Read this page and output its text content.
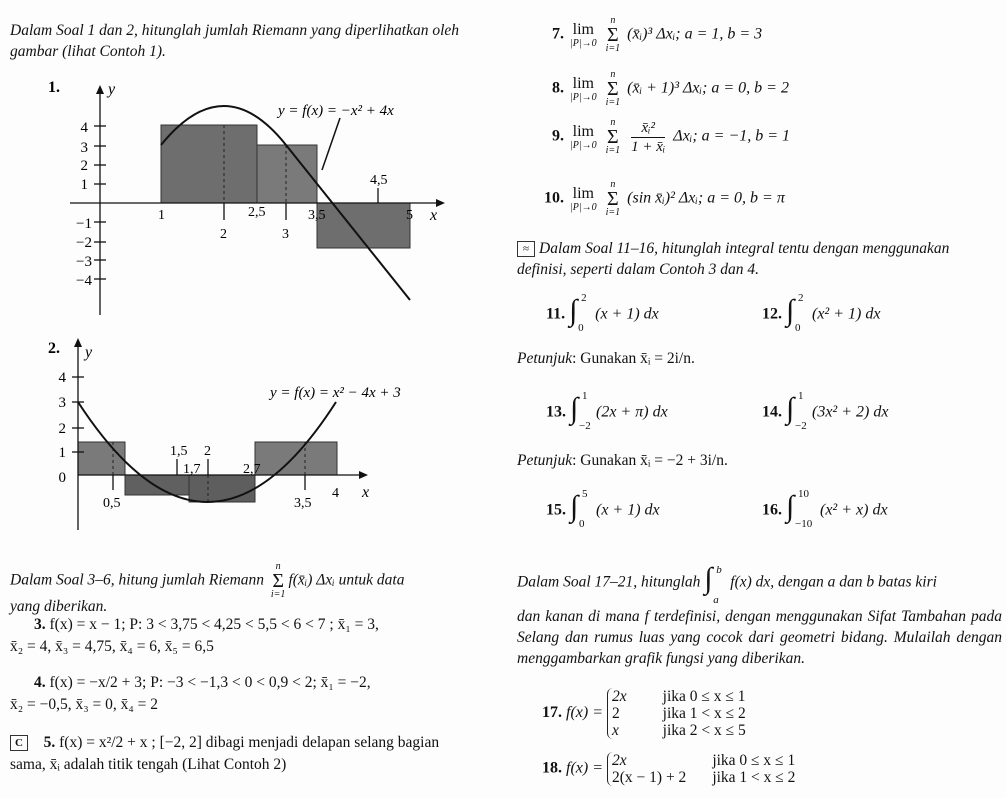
Dalam Soal 1 dan 2, hitunglah jumlah Riemann yang diperlihatkan oleh gambar (lihat Contoh 1).
1.	y
x
y = f(x) = −x² + 4x
4
3
2
1
−1
−2
−3
−4
1
2
2,5
3
3,5
4,5
5
2. y
x
y = f(x) = x² − 4x + 3
4
3
2
1
0
0,5
1,5
1,7
2
2,7
3,5
4
Dalam Soal 3–6, hitung jumlah Riemann
n
Σ
i=1
f(x̄ᵢ) Δxᵢ untuk data
yang diberikan.
3. f(x) = x − 1; P: 3 < 3,75 < 4,25 < 5,5 < 6 < 7 ; x̄₁ = 3,
x̄₂ = 4, x̄₃ = 4,75, x̄₄ = 6, x̄₅ = 6,5
4. f(x) = −x/2 + 3; P: −3 < −1,3 < 0 < 0,9 < 2; x̄₁ = −2,
x̄₂ = −0,5, x̄₃ = 0, x̄₄ = 2
C 5. f(x) = x²/2 + x ; [−2, 2] dibagi menjadi delapan selang bagian
sama, x̄ᵢ adalah titik tengah (Lihat Contoh 2)
7. lim
|P|→0

n
Σ
i=1
(x̄ᵢ)³ Δxᵢ; a = 1, b = 3
8. lim
|P|→0

n
Σ
i=1
(x̄ᵢ + 1)³ Δxᵢ; a = 0, b = 2
9. lim
|P|→0

n
Σ
i=1
$\frac{\text{x̄ᵢ²}}{\text{1 + x̄ᵢ}}$ Δxᵢ; a = −1, b = 1
10. lim
|P|→0

n
Σ
i=1
(sin x̄ᵢ)² Δxᵢ; a = 0, b = π
≈ Dalam Soal 11–16, hitunglah integral tentu dengan menggunakan definisi, seperti dalam Contoh 3 dan 4.
11. ∫ 2
0
(x + 1) dx	12. ∫ 2
0
(x² + 1) dx
Petunjuk: Gunakan x̄ᵢ = 2i/n.
13. ∫ 1
−2
(2x + π) dx	14. ∫ 1
−2
(3x² + 2) dx
Petunjuk: Gunakan x̄ᵢ = −2 + 3i/n.
15. ∫ 5
0
(x + 1) dx	16. ∫ 10
−10
(x² + x) dx
Dalam Soal 17–21, hitunglah ∫ b
a
f(x) dx, dengan a dan b batas kiri
dan kanan di mana f terdefinisi, dengan menggunakan Sifat Tambahan pada Selang dan rumus luas yang cocok dari geometri bidang. Mulailah dengan menggambarkan grafik fungsi yang diberikan.
17. f(x) =
2x	jika 0 ≤ x ≤ 1
2	jika 1 < x ≤ 2
x	jika 2 < x ≤ 5
18. f(x) = 2x	jika 0 ≤ x ≤ 1
2(x − 1) + 2	jika 1 < x ≤ 2
